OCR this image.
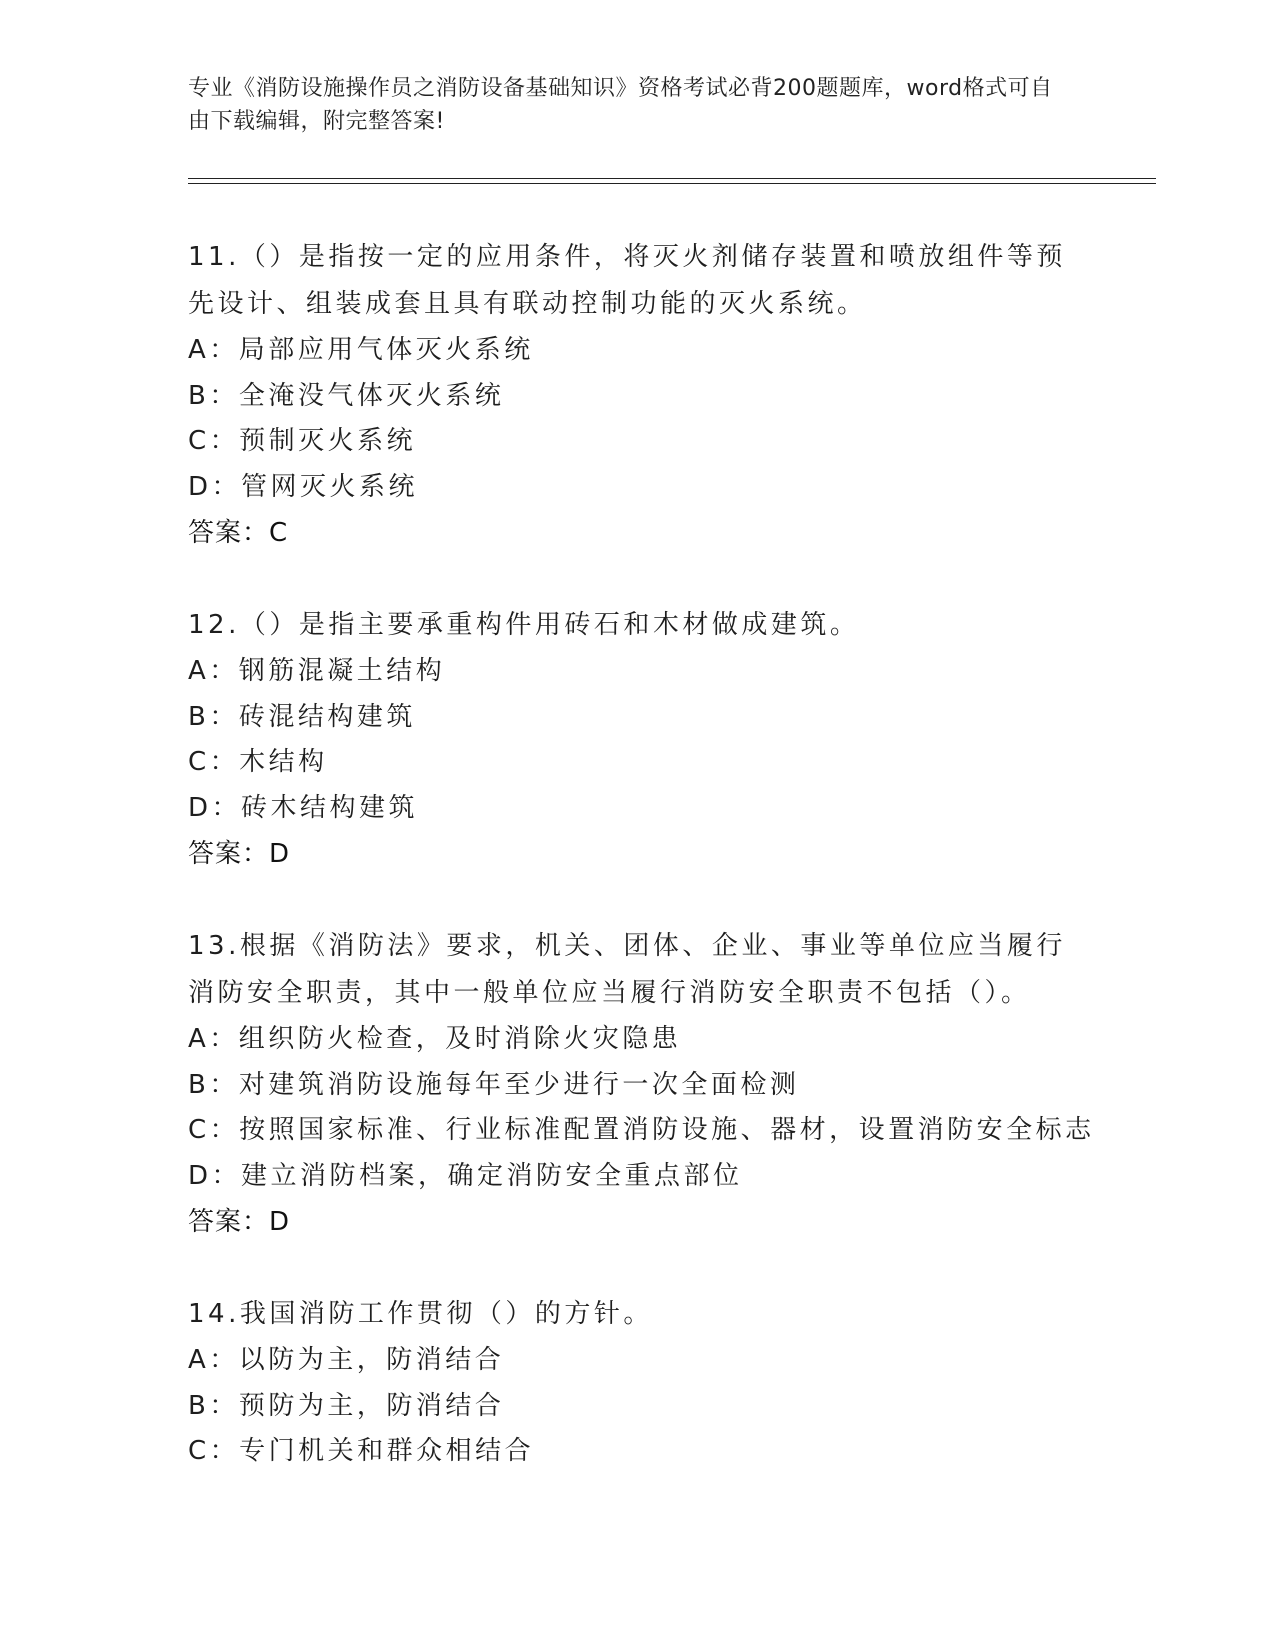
专业《消防设施操作员之消防设备基础知识》资格考试必背200题题库，word格式可自由下载编辑，附完整答案!

11.（）是指按一定的应用条件，将灭火剂储存装置和喷放组件等预先设计、组装成套且具有联动控制功能的灭火系统。

A：局部应用气体灭火系统

B：全淹没气体灭火系统

C：预制灭火系统

D：管网灭火系统

答案：C

12.（）是指主要承重构件用砖石和木材做成建筑。

A：钢筋混凝土结构

B：砖混结构建筑

C：木结构

D：砖木结构建筑

答案：D

13.根据《消防法》要求，机关、团体、企业、事业等单位应当履行消防安全职责，其中一般单位应当履行消防安全职责不包括（）。

A：组织防火检查，及时消除火灾隐患

B：对建筑消防设施每年至少进行一次全面检测

C：按照国家标准、行业标准配置消防设施、器材，设置消防安全标志

D：建立消防档案，确定消防安全重点部位

答案：D

14.我国消防工作贯彻（）的方针。

A：以防为主，防消结合

B：预防为主，防消结合

C：专门机关和群众相结合
